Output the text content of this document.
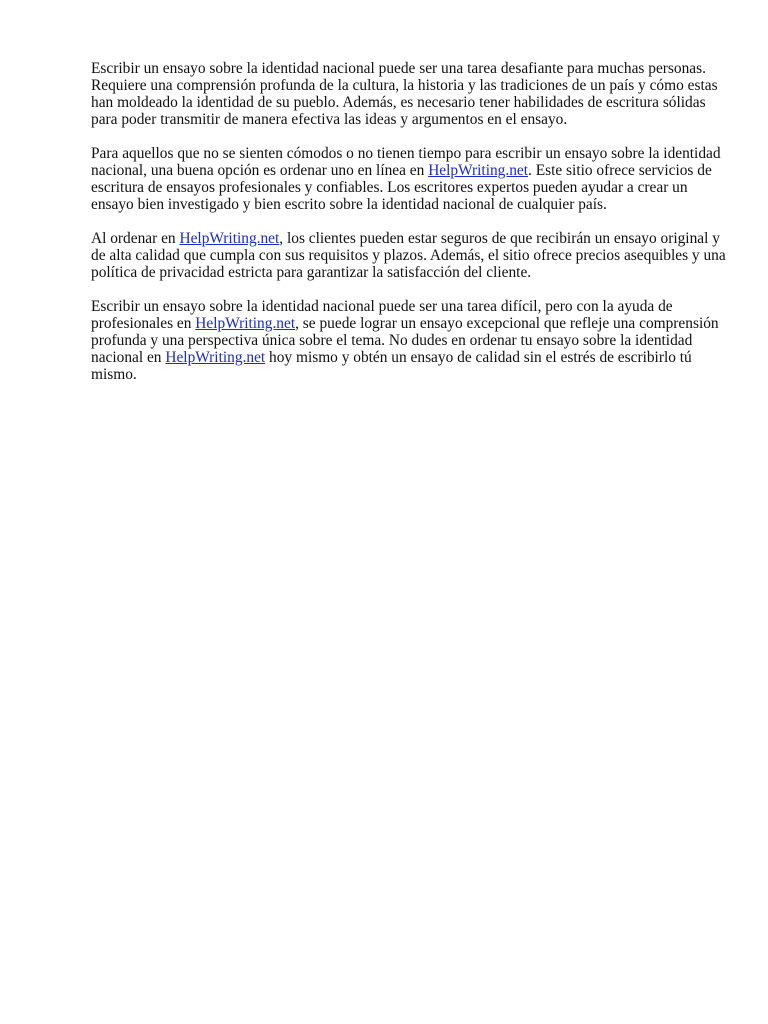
Escribir un ensayo sobre la identidad nacional puede ser una tarea desafiante para muchas personas. Requiere una comprensión profunda de la cultura, la historia y las tradiciones de un país y cómo estas han moldeado la identidad de su pueblo. Además, es necesario tener habilidades de escritura sólidas para poder transmitir de manera efectiva las ideas y argumentos en el ensayo.

Para aquellos que no se sienten cómodos o no tienen tiempo para escribir un ensayo sobre la identidad nacional, una buena opción es ordenar uno en línea en HelpWriting.net. Este sitio ofrece servicios de escritura de ensayos profesionales y confiables. Los escritores expertos pueden ayudar a crear un ensayo bien investigado y bien escrito sobre la identidad nacional de cualquier país.

Al ordenar en HelpWriting.net, los clientes pueden estar seguros de que recibirán un ensayo original y de alta calidad que cumpla con sus requisitos y plazos. Además, el sitio ofrece precios asequibles y una política de privacidad estricta para garantizar la satisfacción del cliente.

Escribir un ensayo sobre la identidad nacional puede ser una tarea difícil, pero con la ayuda de profesionales en HelpWriting.net, se puede lograr un ensayo excepcional que refleje una comprensión profunda y una perspectiva única sobre el tema. No dudes en ordenar tu ensayo sobre la identidad nacional en HelpWriting.net hoy mismo y obtén un ensayo de calidad sin el estrés de escribirlo tú mismo.
